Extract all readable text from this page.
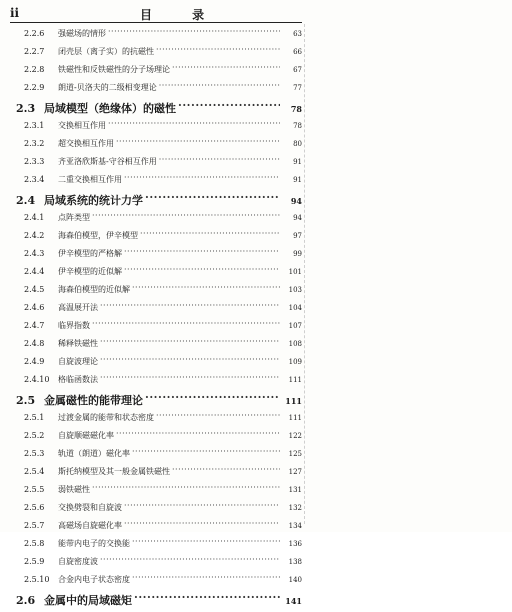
ii	目 录
2.2.6	强磁场的情形 ·····	63
2.2.7	闭壳层（离子实）的抗磁性 ·····	66
2.2.8	铁磁性和反铁磁性的分子场理论 ·····	67
2.2.9	朗道-贝洛夫的二级相变理论 ·····	77
2.3 局域模型（绝缘体）的磁性 ·····	78
2.3.1	交换相互作用 ·····	78
2.3.2	超交换相互作用 ·····	80
2.3.3	齐亚洛欣斯基-守谷相互作用 ·····	91
2.3.4	二重交换相互作用 ·····	91
2.4 局域系统的统计力学 ·····	94
2.4.1	点阵类型 ·····	94
2.4.2	海森伯模型，伊辛模型 ·····	97
2.4.3	伊辛模型的严格解 ·····	99
2.4.4	伊辛模型的近似解 ·····	101
2.4.5	海森伯模型的近似解 ·····	103
2.4.6	高温展开法 ·····	104
2.4.7	临界指数 ·····	107
2.4.8	稀释铁磁性 ·····	108
2.4.9	自旋波理论 ·····	109
2.4.10	格临函数法 ·····	111
2.5 金属磁性的能带理论 ·····	111
2.5.1	过渡金属的能带和状态密度 ·····	111
2.5.2	自旋顺磁磁化率 ·····	122
2.5.3	轨道（朗道）磁化率 ·····	125
2.5.4	斯托纳模型及其一般金属铁磁性 ·····	127
2.5.5	弱铁磁性 ·····	131
2.5.6	交换劈裂和自旋波 ·····	132
2.5.7	高磁场自旋磁化率 ·····	134
2.5.8	能带内电子的交换能 ·····	136
2.5.9	自旋密度波 ·····	138
2.5.10	合金内电子状态密度 ·····	140
2.6 金属中的局域磁矩 ·····	141
